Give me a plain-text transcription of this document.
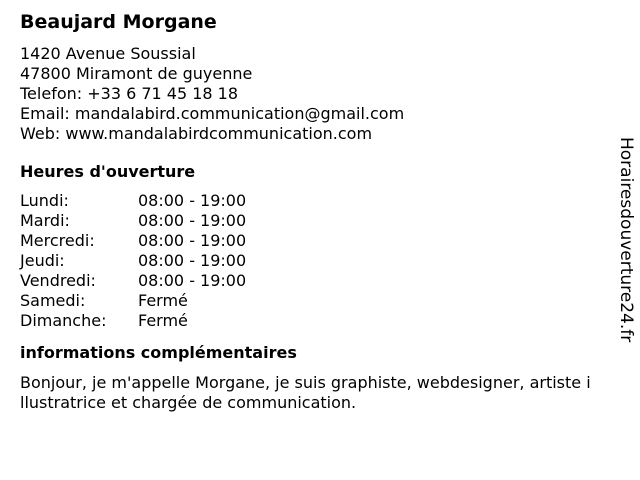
Beaujard Morgane
1420 Avenue Soussial
47800 Miramont de guyenne
Telefon: +33 6 71 45 18 18
Email: mandalabird.communication@gmail.com
Web: www.mandalabirdcommunication.com
Heures d'ouverture
Lundi:	08:00 - 19:00
Mardi:	08:00 - 19:00
Mercredi:	08:00 - 19:00
Jeudi:	08:00 - 19:00
Vendredi:	08:00 - 19:00
Samedi:	Fermé
Dimanche:	Fermé
informations complémentaires
Bonjour, je m'appelle Morgane, je suis graphiste, webdesigner, artiste illustratrice et chargée de communication.
Horairesdouverture24.fr
